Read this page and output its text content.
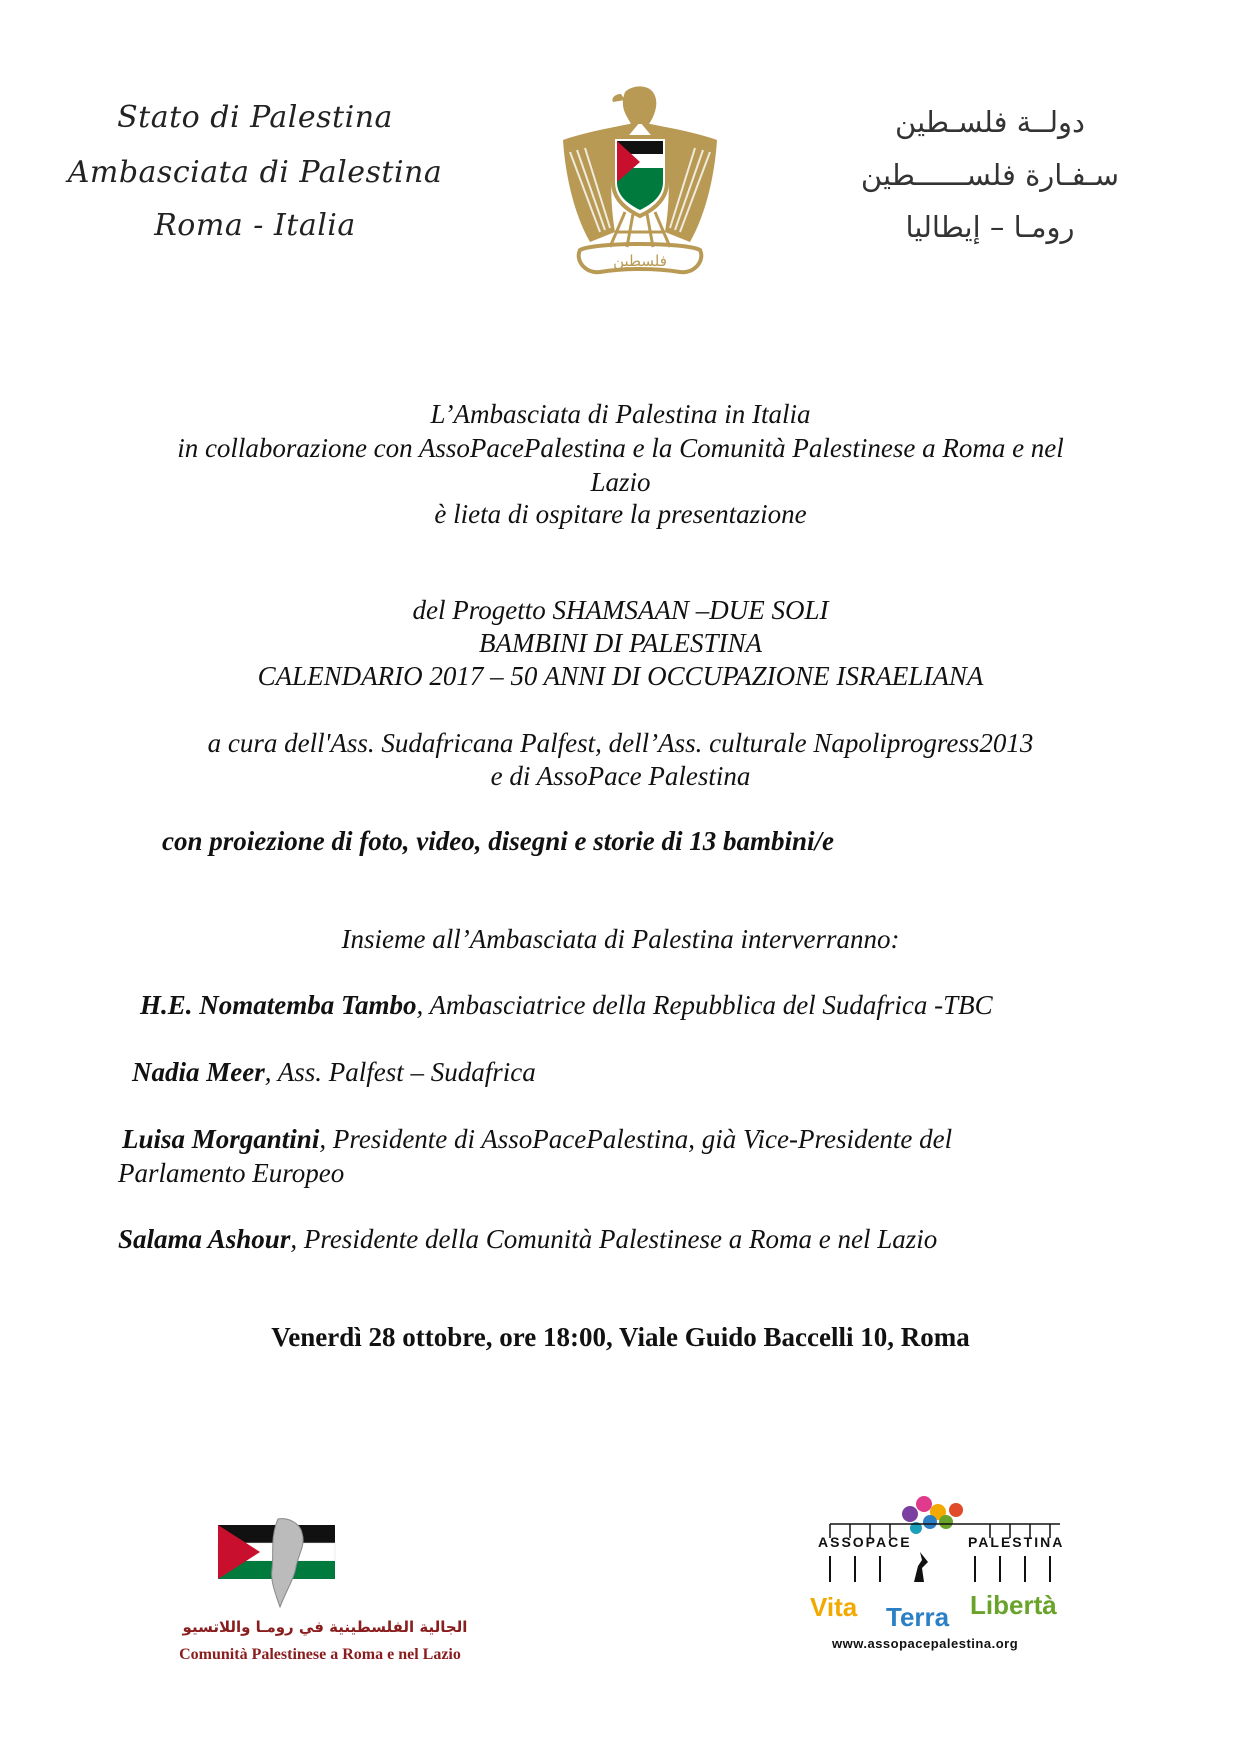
Stato di Palestina
Ambasciata di Palestina
Roma - Italia
فلسطين
دولــة فلسـطين
سـفـارة فلســــــطين
رومـا – إيطاليا
L’Ambasciata di Palestina in Italia
in collaborazione con AssoPacePalestina e la Comunità Palestinese a Roma e nel
Lazio
è lieta di ospitare la presentazione
del Progetto SHAMSAAN –DUE SOLI
BAMBINI DI PALESTINA
CALENDARIO 2017 – 50 ANNI DI OCCUPAZIONE ISRAELIANA
a cura dell'Ass. Sudafricana Palfest, dell’Ass. culturale Napoliprogress2013
e di AssoPace Palestina
con proiezione di foto, video, disegni e storie di 13 bambini/e
Insieme all’Ambasciata di Palestina interverranno:
H.E. Nomatemba Tambo, Ambasciatrice della Repubblica del Sudafrica -TBC
Nadia Meer, Ass. Palfest – Sudafrica
Luisa Morgantini, Presidente di AssoPacePalestina, già Vice-Presidente del
Parlamento Europeo
Salama Ashour, Presidente della Comunità Palestinese a Roma e nel Lazio
Venerdì 28 ottobre, ore 18:00, Viale Guido Baccelli 10, Roma
الجالية الفلسطينية في رومـا واللاتسيو
Comunità Palestinese a Roma e nel Lazio
ASSOPACE	PALESTINA
Vita Terra Libertà
www.assopacepalestina.org
